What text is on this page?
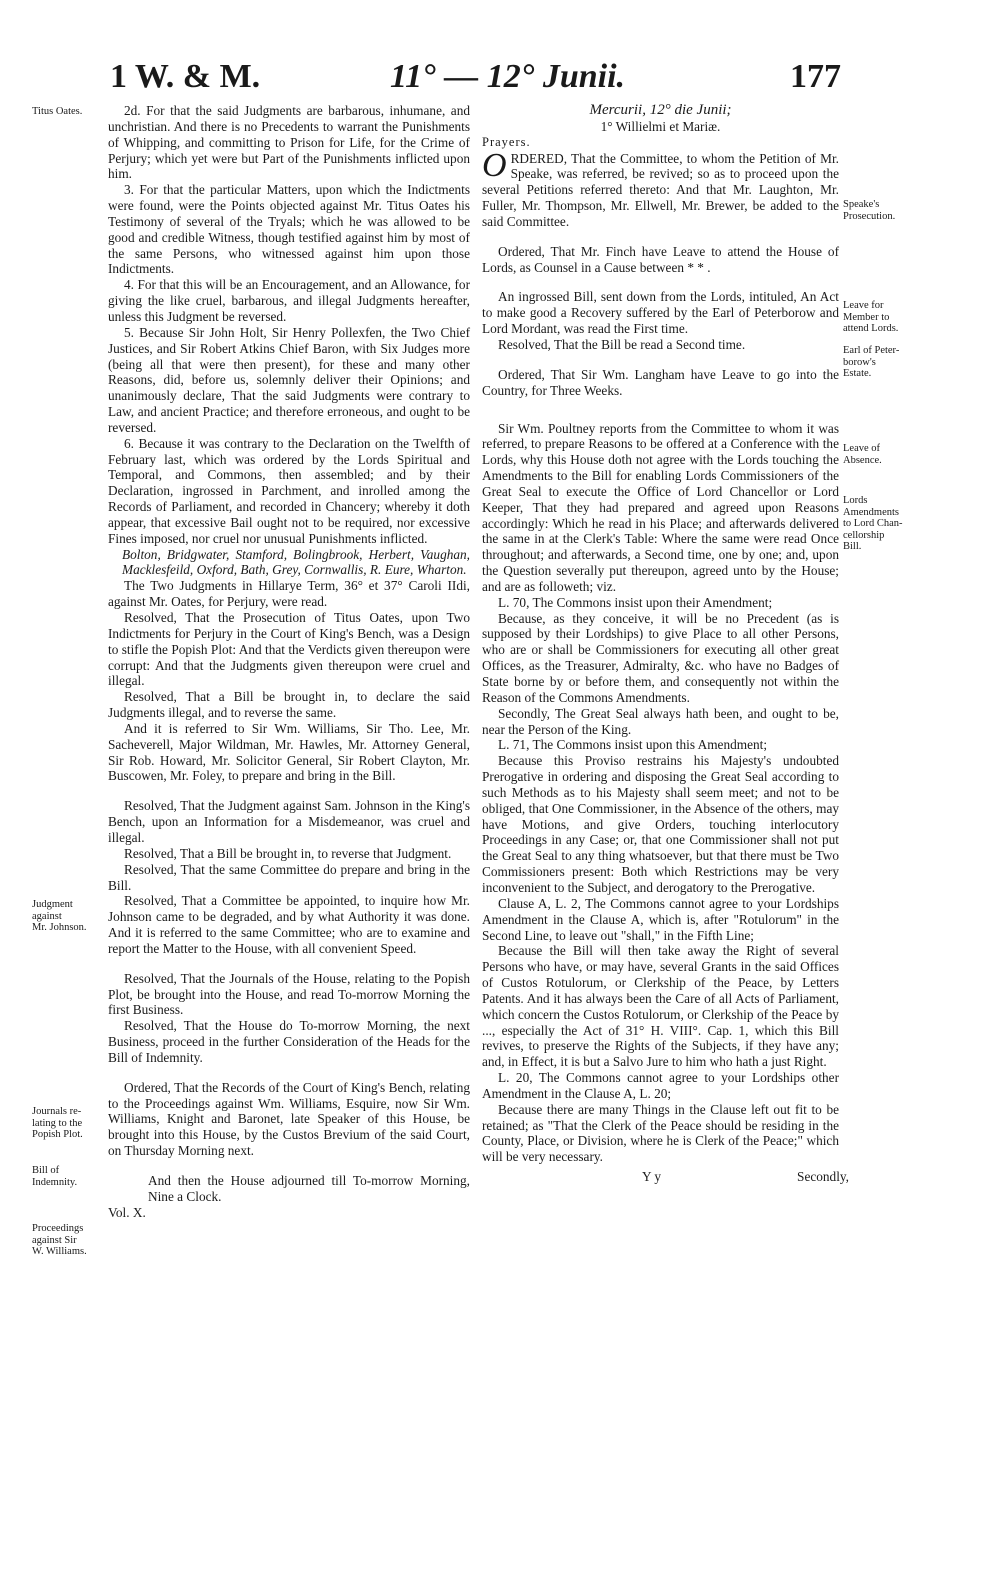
1 W. & M.	11° — 12° Junii.	177
Titus Oates.
Judgment
against
Mr. Johnson.
Journals re-
lating to the
Popish Plot.
Bill of
Indemnity.
Proceedings
against Sir
W. Williams.
Speake's
Prosecution.
Leave for
Member to
attend Lords.
Earl of Peter-
borow's
Estate.
Leave of
Absence.
Lords
Amendments
to Lord Chan-
cellorship
Bill.

2d. For that the said Judgments are barbarous, inhumane, and unchristian. And there is no Precedents to warrant the Punishments of Whipping, and committing to Prison for Life, for the Crime of Perjury; which yet were but Part of the Punishments inflicted upon him.

3. For that the particular Matters, upon which the Indictments were found, were the Points objected against Mr. Titus Oates his Testimony of several of the Tryals; which he was allowed to be good and credible Witness, though testified against him by most of the same Persons, who witnessed against him upon those Indictments.

4. For that this will be an Encouragement, and an Allowance, for giving the like cruel, barbarous, and illegal Judgments hereafter, unless this Judgment be reversed.

5. Because Sir John Holt, Sir Henry Pollexfen, the Two Chief Justices, and Sir Robert Atkins Chief Baron, with Six Judges more (being all that were then present), for these and many other Reasons, did, before us, solemnly deliver their Opinions; and unanimously declare, That the said Judgments were contrary to Law, and ancient Practice; and therefore erroneous, and ought to be reversed.

6. Because it was contrary to the Declaration on the Twelfth of February last, which was ordered by the Lords Spiritual and Temporal, and Commons, then assembled; and by their Declaration, ingrossed in Parchment, and inrolled among the Records of Parliament, and recorded in Chancery; whereby it doth appear, that excessive Bail ought not to be required, nor excessive Fines imposed, nor cruel nor unusual Punishments inflicted.

Bolton, Bridgwater, Stamford, Bolingbrook, Herbert, Vaughan, Macklesfeild, Oxford, Bath, Grey, Cornwallis, R. Eure, Wharton.

The Two Judgments in Hillarye Term, 36° et 37° Caroli IIdi, against Mr. Oates, for Perjury, were read.

Resolved, That the Prosecution of Titus Oates, upon Two Indictments for Perjury in the Court of King's Bench, was a Design to stifle the Popish Plot: And that the Verdicts given thereupon were corrupt: And that the Judgments given thereupon were cruel and illegal.

Resolved, That a Bill be brought in, to declare the said Judgments illegal, and to reverse the same.

And it is referred to Sir Wm. Williams, Sir Tho. Lee, Mr. Sacheverell, Major Wildman, Mr. Hawles, Mr. Attorney General, Sir Rob. Howard, Mr. Solicitor General, Sir Robert Clayton, Mr. Buscowen, Mr. Foley, to prepare and bring in the Bill.

Resolved, That the Judgment against Sam. Johnson in the King's Bench, upon an Information for a Misdemeanor, was cruel and illegal.

Resolved, That a Bill be brought in, to reverse that Judgment.

Resolved, That the same Committee do prepare and bring in the Bill.

Resolved, That a Committee be appointed, to inquire how Mr. Johnson came to be degraded, and by what Authority it was done. And it is referred to the same Committee; who are to examine and report the Matter to the House, with all convenient Speed.

Resolved, That the Journals of the House, relating to the Popish Plot, be brought into the House, and read To-morrow Morning the first Business.

Resolved, That the House do To-morrow Morning, the next Business, proceed in the further Consideration of the Heads for the Bill of Indemnity.

Ordered, That the Records of the Court of King's Bench, relating to the Proceedings against Wm. Williams, Esquire, now Sir Wm. Williams, Knight and Baronet, late Speaker of this House, be brought into this House, by the Custos Brevium of the said Court, on Thursday Morning next.

And then the House adjourned till To-morrow Morning, Nine a Clock.

Vol. X.

Mercurii, 12° die Junii;

1° Willielmi et Mariæ.

Prayers.

ORDERED, That the Committee, to whom the Petition of Mr. Speake, was referred, be revived; so as to proceed upon the several Petitions referred thereto: And that Mr. Laughton, Mr. Fuller, Mr. Thompson, Mr. Ellwell, Mr. Brewer, be added to the said Committee.

Ordered, That Mr. Finch have Leave to attend the House of Lords, as Counsel in a Cause between * * .

An ingrossed Bill, sent down from the Lords, intituled, An Act to make good a Recovery suffered by the Earl of Peterborow and Lord Mordant, was read the First time.

Resolved, That the Bill be read a Second time.

Ordered, That Sir Wm. Langham have Leave to go into the Country, for Three Weeks.

Sir Wm. Poultney reports from the Committee to whom it was referred, to prepare Reasons to be offered at a Conference with the Lords, why this House doth not agree with the Lords touching the Amendments to the Bill for enabling Lords Commissioners of the Great Seal to execute the Office of Lord Chancellor or Lord Keeper, That they had prepared and agreed upon Reasons accordingly: Which he read in his Place; and afterwards delivered the same in at the Clerk's Table: Where the same were read Once throughout; and afterwards, a Second time, one by one; and, upon the Question severally put thereupon, agreed unto by the House; and are as followeth; viz.

L. 70, The Commons insist upon their Amendment;

Because, as they conceive, it will be no Precedent (as is supposed by their Lordships) to give Place to all other Persons, who are or shall be Commissioners for executing all other great Offices, as the Treasurer, Admiralty, &c. who have no Badges of State borne by or before them, and consequently not within the Reason of the Commons Amendments.

Secondly, The Great Seal always hath been, and ought to be, near the Person of the King.

L. 71, The Commons insist upon this Amendment;

Because this Proviso restrains his Majesty's undoubted Prerogative in ordering and disposing the Great Seal according to such Methods as to his Majesty shall seem meet; and not to be obliged, that One Commissioner, in the Absence of the others, may have Motions, and give Orders, touching interlocutory Proceedings in any Case; or, that one Commissioner shall not put the Great Seal to any thing whatsoever, but that there must be Two Commissioners present: Both which Restrictions may be very inconvenient to the Subject, and derogatory to the Prerogative.

Clause A, L. 2, The Commons cannot agree to your Lordships Amendment in the Clause A, which is, after "Rotulorum" in the Second Line, to leave out "shall," in the Fifth Line;

Because the Bill will then take away the Right of several Persons who have, or may have, several Grants in the said Offices of Custos Rotulorum, or Clerkship of the Peace, by Letters Patents. And it has always been the Care of all Acts of Parliament, which concern the Custos Rotulorum, or Clerkship of the Peace by ..., especially the Act of 31° H. VIII°. Cap. 1, which this Bill revives, to preserve the Rights of the Subjects, if they have any; and, in Effect, it is but a Salvo Jure to him who hath a just Right.

L. 20, The Commons cannot agree to your Lordships other Amendment in the Clause A, L. 20;

Because there are many Things in the Clause left out fit to be retained; as "That the Clerk of the Peace should be residing in the County, Place, or Division, where he is Clerk of the Peace;" which will be very necessary.

Y y	Secondly,
